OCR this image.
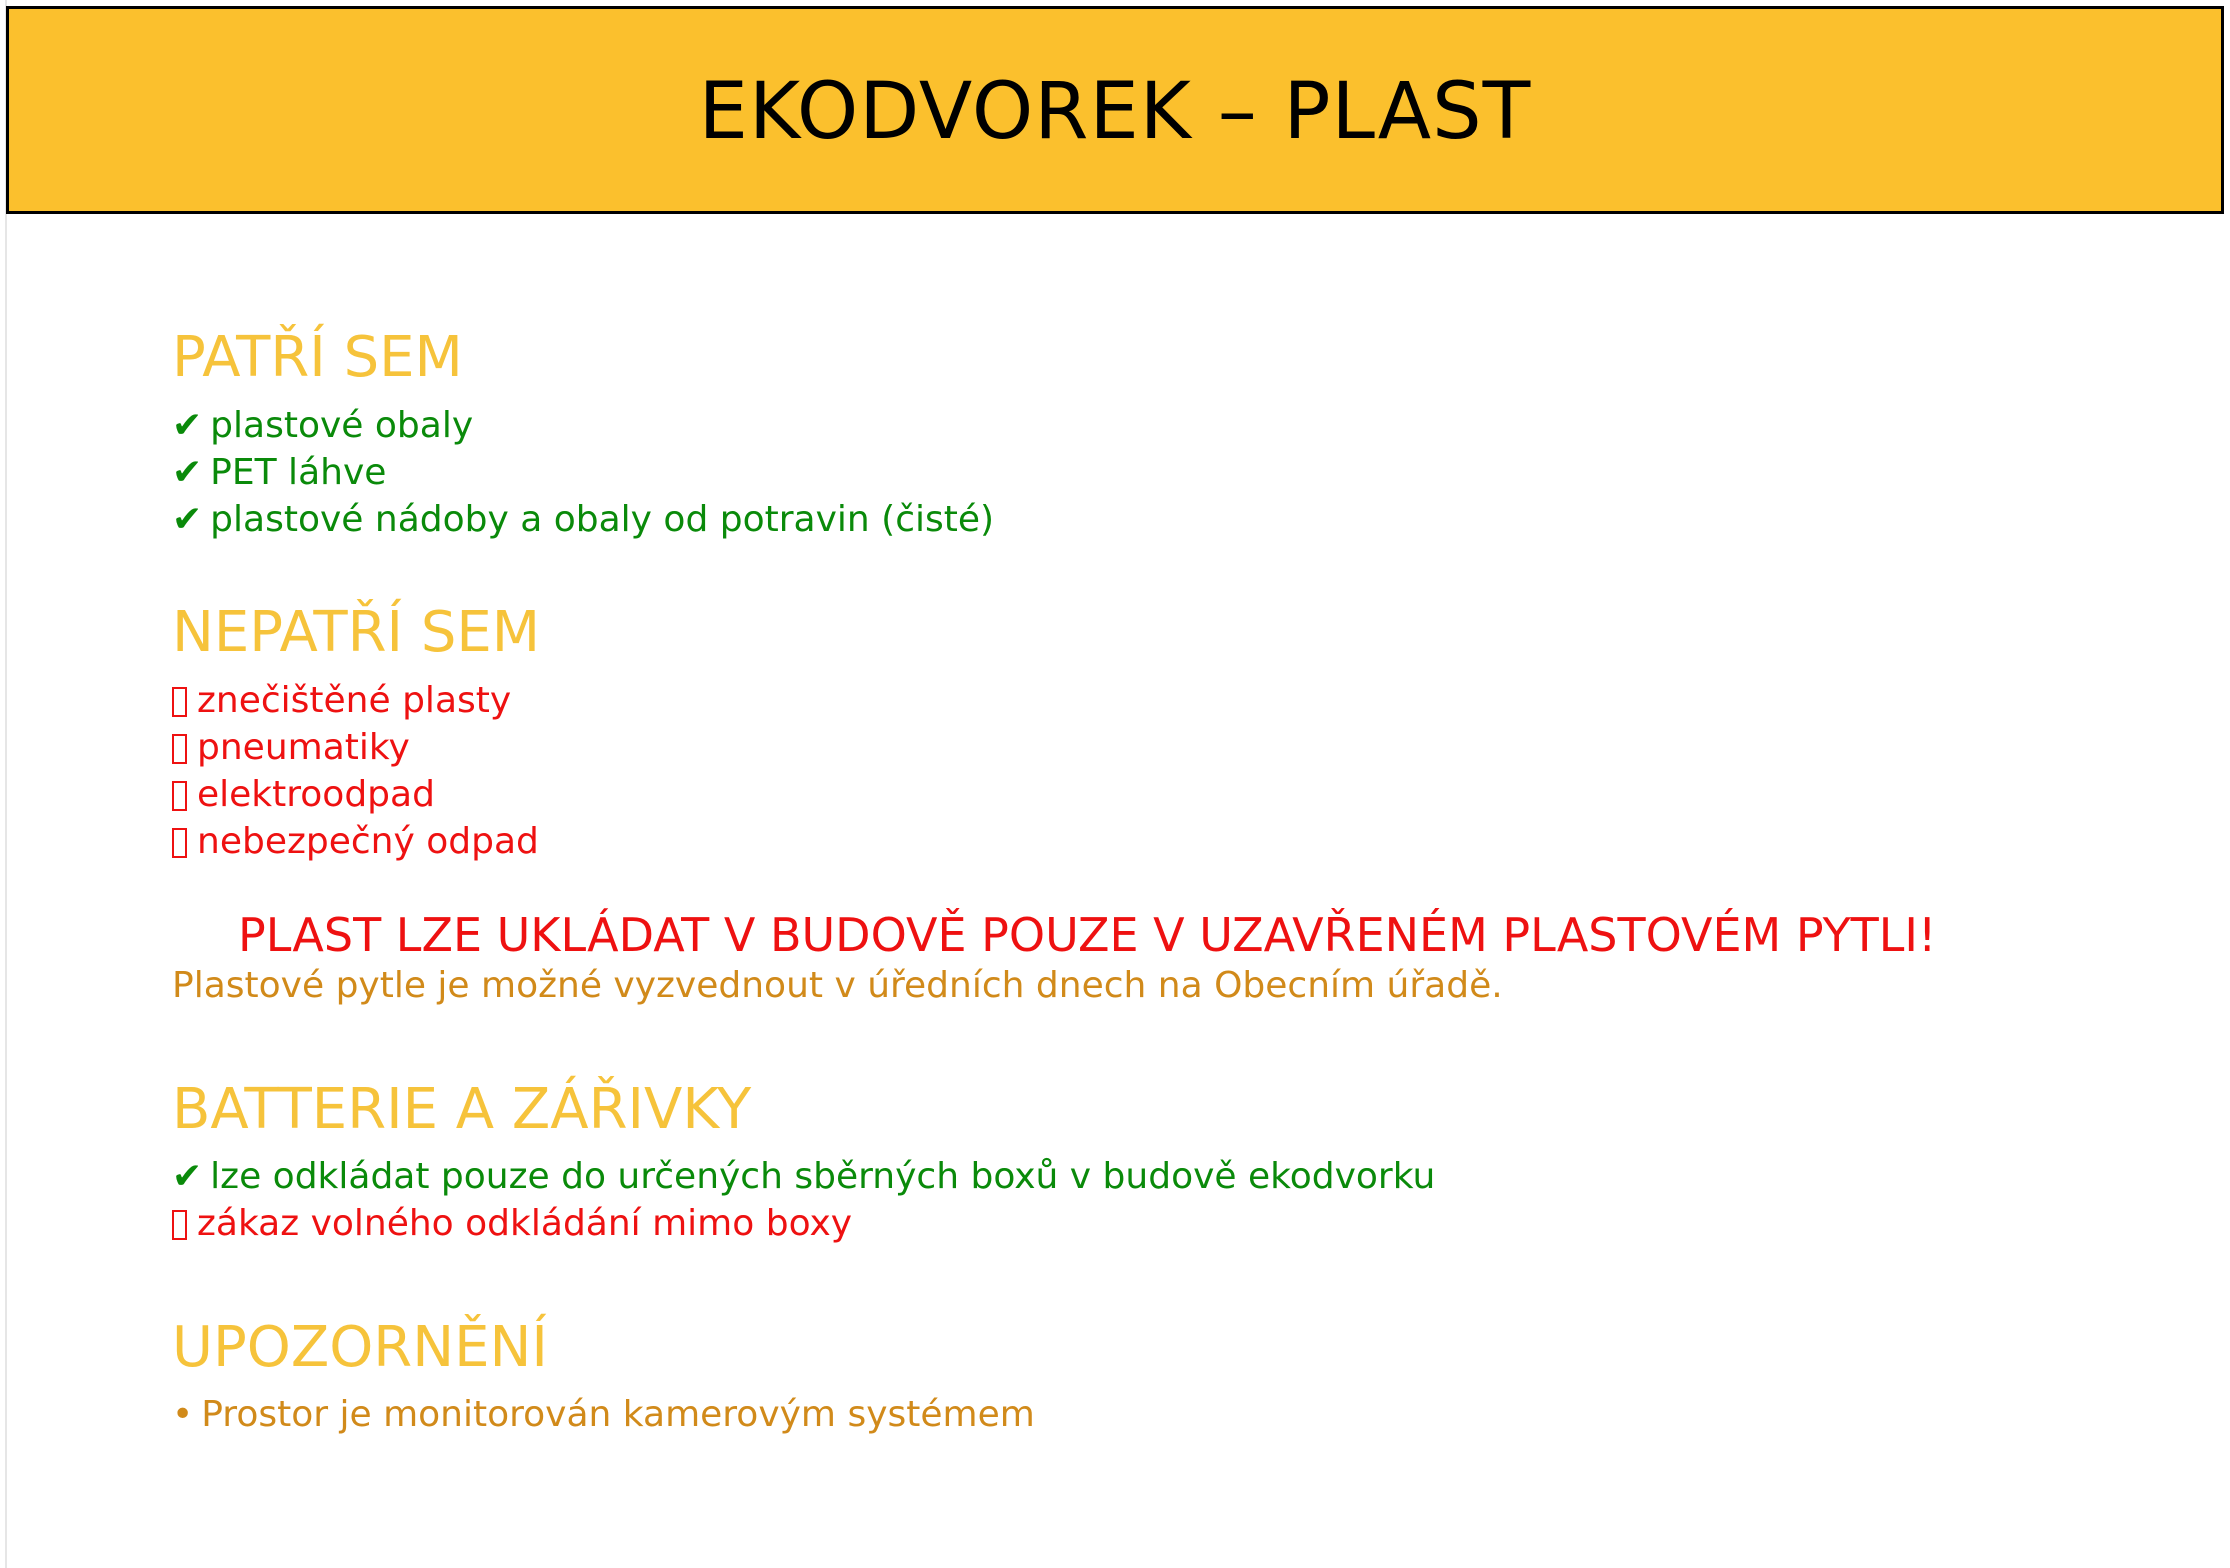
EKODVOREK – PLAST
PATŘÍ SEM
✔ plastové obaly
✔ PET láhve
✔ plastové nádoby a obaly od potravin (čisté)
NEPATŘÍ SEM
znečištěné plasty
pneumatiky
elektroodpad
nebezpečný odpad
PLAST LZE UKLÁDAT V BUDOVĚ POUZE V UZAVŘENÉM PLASTOVÉM PYTLI!
Plastové pytle je možné vyzvednout v úředních dnech na Obecním úřadě.
BATTERIE A ZÁŘIVKY
✔ lze odkládat pouze do určených sběrných boxů v budově ekodvorku
zákaz volného odkládání mimo boxy
UPOZORNĚNÍ
• Prostor je monitorován kamerovým systémem
